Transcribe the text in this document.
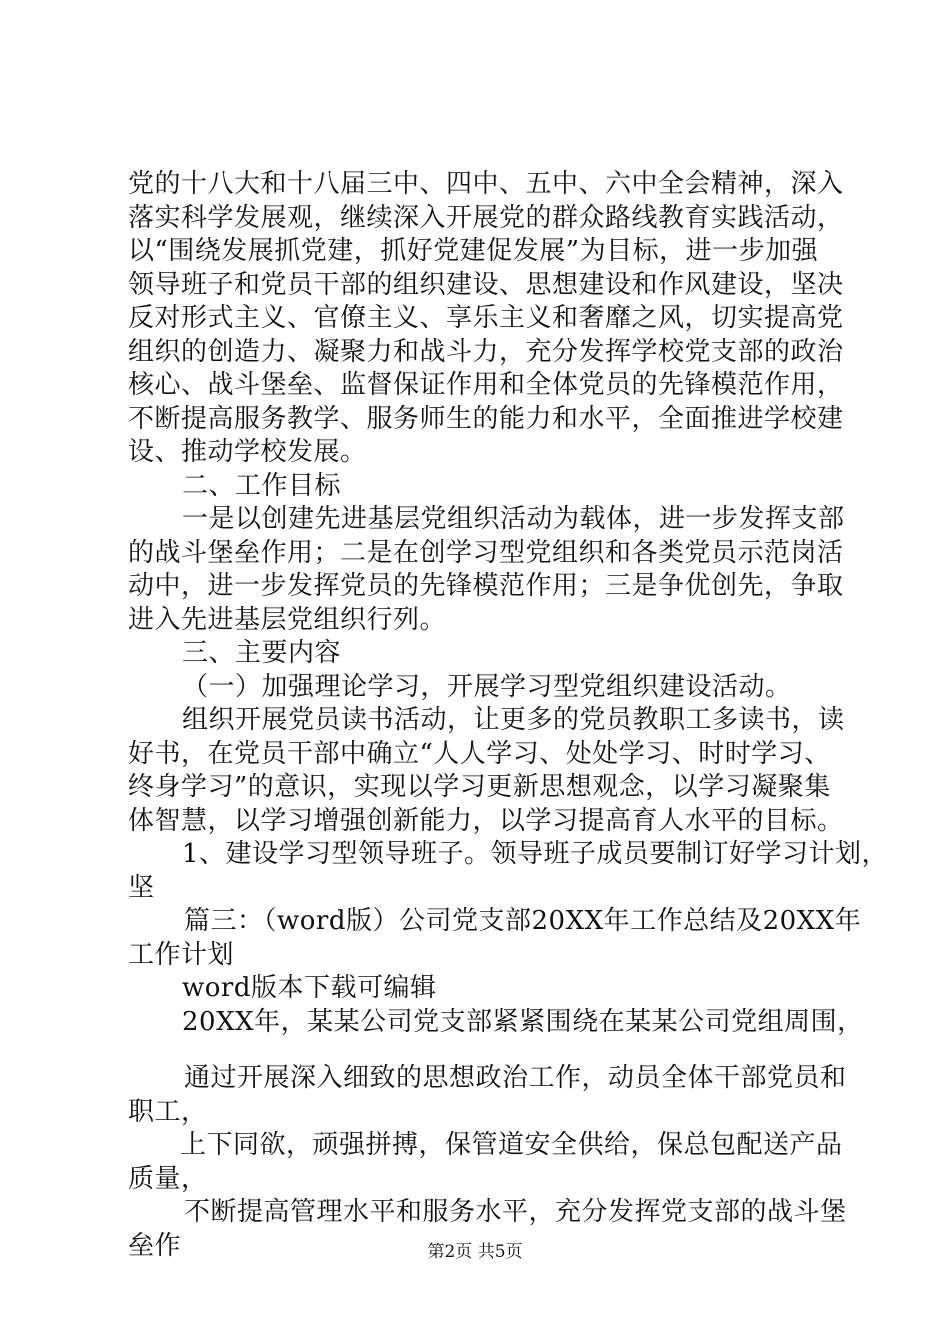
党的十八大和十八届三中、四中、五中、六中全会精神，深入
落实科学发展观，继续深入开展党的群众路线教育实践活动，
以“围绕发展抓党建，抓好党建促发展”为目标，进一步加强
领导班子和党员干部的组织建设、思想建设和作风建设，坚决
反对形式主义、官僚主义、享乐主义和奢靡之风，切实提高党
组织的创造力、凝聚力和战斗力，充分发挥学校党支部的政治
核心、战斗堡垒、监督保证作用和全体党员的先锋模范作用，
不断提高服务教学、服务师生的能力和水平，全面推进学校建
设、推动学校发展。
二、工作目标
一是以创建先进基层党组织活动为载体，进一步发挥支部
的战斗堡垒作用；二是在创学习型党组织和各类党员示范岗活
动中，进一步发挥党员的先锋模范作用；三是争优创先，争取
进入先进基层党组织行列。
三、主要内容
（一）加强理论学习，开展学习型党组织建设活动。
组织开展党员读书活动，让更多的党员教职工多读书，读
好书，在党员干部中确立“人人学习、处处学习、时时学习、
终身学习”的意识，实现以学习更新思想观念，以学习凝聚集
体智慧，以学习增强创新能力，以学习提高育人水平的目标。
1、建设学习型领导班子。领导班子成员要制订好学习计划，
坚
篇三：（word版）公司党支部20XX年工作总结及20XX年
工作计划
word版本下载可编辑
20XX年，某某公司党支部紧紧围绕在某某公司党组周围，
通过开展深入细致的思想政治工作，动员全体干部党员和
职工，
上下同欲，顽强拼搏，保管道安全供给，保总包配送产品
质量，
不断提高管理水平和服务水平，充分发挥党支部的战斗堡
垒作	第2页 共5页
